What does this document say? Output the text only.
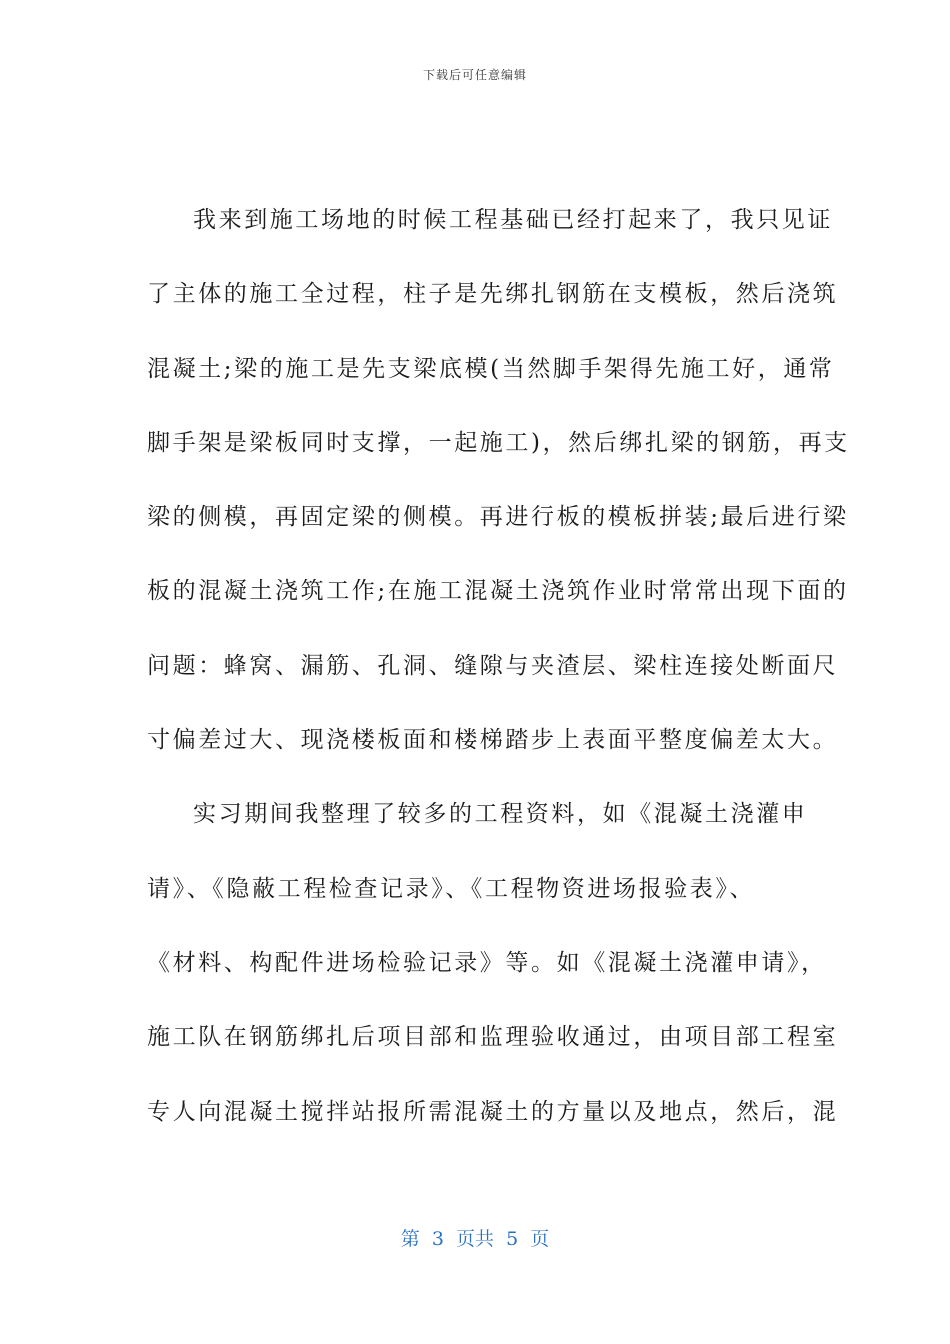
下载后可任意编辑
我来到施工场地的时候工程基础已经打起来了，我只见证
了主体的施工全过程，柱子是先绑扎钢筋在支模板，然后浇筑
混凝土;梁的施工是先支梁底模(当然脚手架得先施工好，通常
脚手架是梁板同时支撑，一起施工)，然后绑扎梁的钢筋，再支
梁的侧模，再固定梁的侧模。再进行板的模板拼装;最后进行梁
板的混凝土浇筑工作;在施工混凝土浇筑作业时常常出现下面的
问题：蜂窝、漏筋、孔洞、缝隙与夹渣层、梁柱连接处断面尺
寸偏差过大、现浇楼板面和楼梯踏步上表面平整度偏差太大。
实习期间我整理了较多的工程资料，如《混凝土浇灌申
请》、《隐蔽工程检查记录》、《工程物资进场报验表》、
《材料、构配件进场检验记录》等。如《混凝土浇灌申请》，
施工队在钢筋绑扎后项目部和监理验收通过，由项目部工程室
专人向混凝土搅拌站报所需混凝土的方量以及地点，然后，混
第  3  页共  5  页
